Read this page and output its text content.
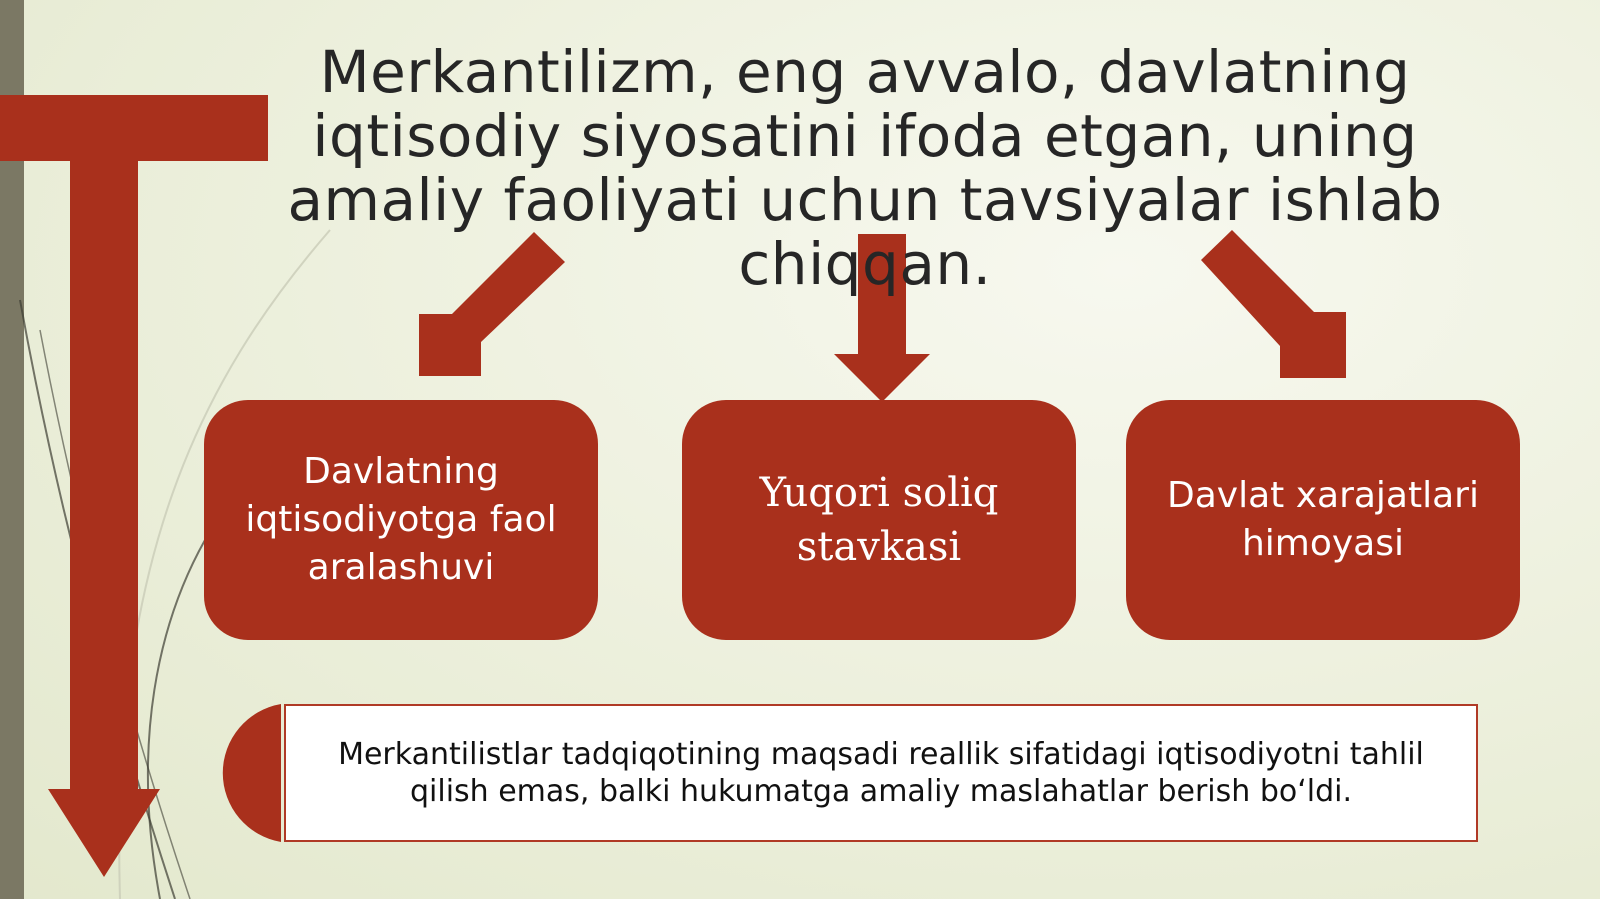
Merkantilizm, eng avvalo, davlatning iqtisodiy siyosatini ifoda etgan, uning amaliy faoliyati uchun tavsiyalar ishlab chiqqan.
Davlatning iqtisodiyotga faol aralashuvi
Yuqori soliq stavkasi
Davlat xarajatlari himoyasi
Merkantilistlar tadqiqotining maqsadi reallik sifatidagi iqtisodiyotni tahlil qilish emas, balki hukumatga amaliy maslahatlar berish bo‘ldi.
